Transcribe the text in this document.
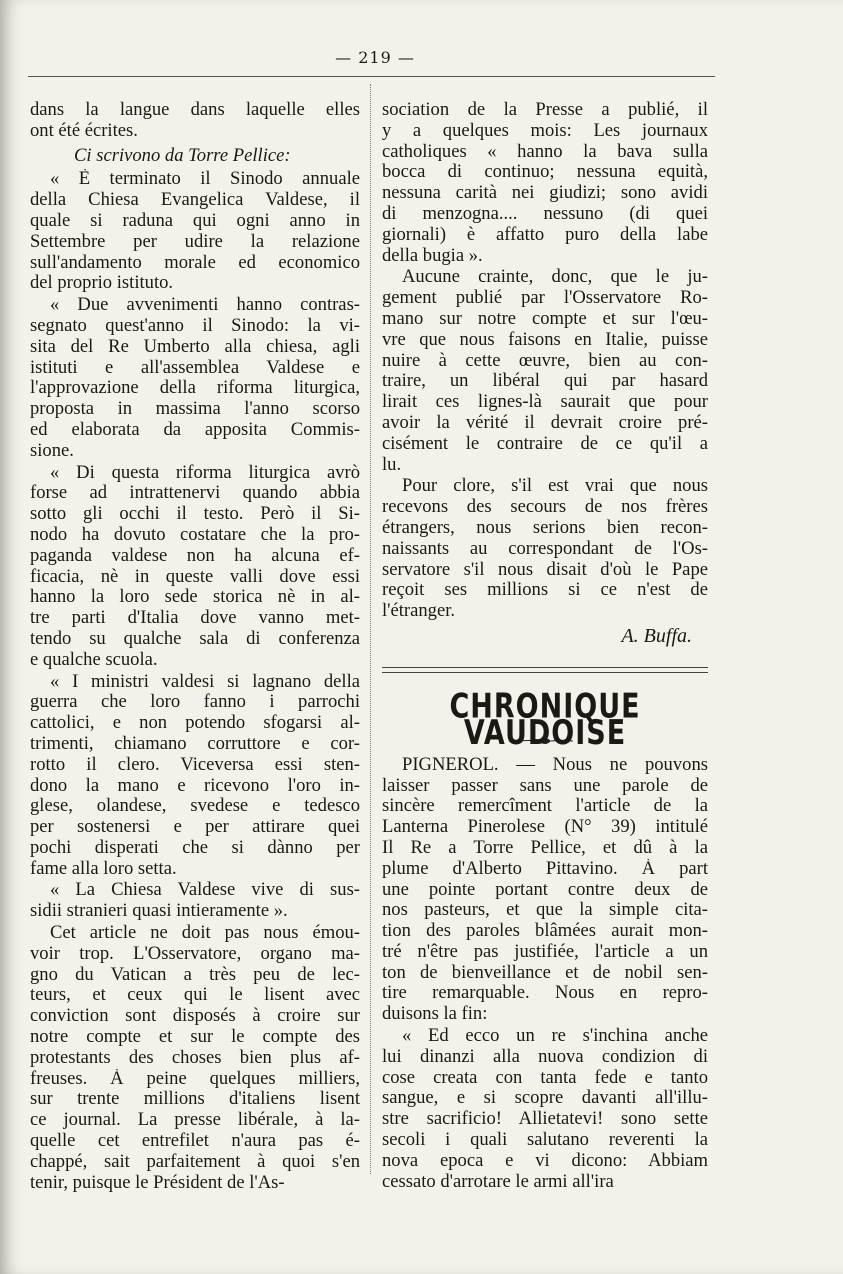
— 219 —
dans la langue dans laquelle elles
ont été écrites.
Ci scrivono da Torre Pellice:
« È terminato il Sinodo annuale
della Chiesa Evangelica Valdese, il
quale si raduna qui ogni anno in
Settembre per udire la relazione
sull'andamento morale ed economico
del proprio istituto.
« Due avvenimenti hanno contras-
segnato quest'anno il Sinodo: la vi-
sita del Re Umberto alla chiesa, agli
istituti e all'assemblea Valdese e
l'approvazione della riforma liturgica,
proposta in massima l'anno scorso
ed elaborata da apposita Commis-
sione.
« Di questa riforma liturgica avrò
forse ad intrattenervi quando abbia
sotto gli occhi il testo. Però il Si-
nodo ha dovuto costatare che la pro-
paganda valdese non ha alcuna ef-
ficacia, nè in queste valli dove essi
hanno la loro sede storica nè in al-
tre parti d'Italia dove vanno met-
tendo su qualche sala di conferenza
e qualche scuola.
« I ministri valdesi si lagnano della
guerra che loro fanno i parrochi
cattolici, e non potendo sfogarsi al-
trimenti, chiamano corruttore e cor-
rotto il clero. Viceversa essi sten-
dono la mano e ricevono l'oro in-
glese, olandese, svedese e tedesco
per sostenersi e per attirare quei
pochi disperati che si dànno per
fame alla loro setta.
« La Chiesa Valdese vive di sus-
sidii stranieri quasi intieramente ».
Cet article ne doit pas nous émou-
voir trop. L'Osservatore, organo ma-
gno du Vatican a très peu de lec-
teurs, et ceux qui le lisent avec
conviction sont disposés à croire sur
notre compte et sur le compte des
protestants des choses bien plus af-
freuses. À peine quelques milliers,
sur trente millions d'italiens lisent
ce journal. La presse libérale, à la-
quelle cet entrefilet n'aura pas é-
chappé, sait parfaitement à quoi s'en
tenir, puisque le Président de l'As-
sociation de la Presse a publié, il
y a quelques mois: Les journaux
catholiques « hanno la bava sulla
bocca di continuo; nessuna equità,
nessuna carità nei giudizi; sono avidi
di menzogna.... nessuno (di quei
giornali) è affatto puro della labe
della bugia ».
Aucune crainte, donc, que le ju-
gement publié par l'Osservatore Ro-
mano sur notre compte et sur l'œu-
vre que nous faisons en Italie, puisse
nuire à cette œuvre, bien au con-
traire, un libéral qui par hasard
lirait ces lignes-là saurait que pour
avoir la vérité il devrait croire pré-
cisément le contraire de ce qu'il a
lu.
Pour clore, s'il est vrai que nous
recevons des secours de nos frères
étrangers, nous serions bien recon-
naissants au correspondant de l'Os-
servatore s'il nous disait d'où le Pape
reçoit ses millions si ce n'est de
l'étranger.
A. Buffa.
CHRONIQUE VAUDOISE
PIGNEROL. — Nous ne pouvons
laisser passer sans une parole de
sincère remercîment l'article de la
Lanterna Pinerolese (N° 39) intitulé
Il Re a Torre Pellice, et dû à la
plume d'Alberto Pittavino. À part
une pointe portant contre deux de
nos pasteurs, et que la simple cita-
tion des paroles blâmées aurait mon-
tré n'être pas justifiée, l'article a un
ton de bienveillance et de nobil sen-
tire remarquable. Nous en repro-
duisons la fin:
« Ed ecco un re s'inchina anche
lui dinanzi alla nuova condizion di
cose creata con tanta fede e tanto
sangue, e si scopre davanti all'illu-
stre sacrificio! Allietatevi! sono sette
secoli i quali salutano reverenti la
nova epoca e vi dicono: Abbiam
cessato d'arrotare le armi all'ira
